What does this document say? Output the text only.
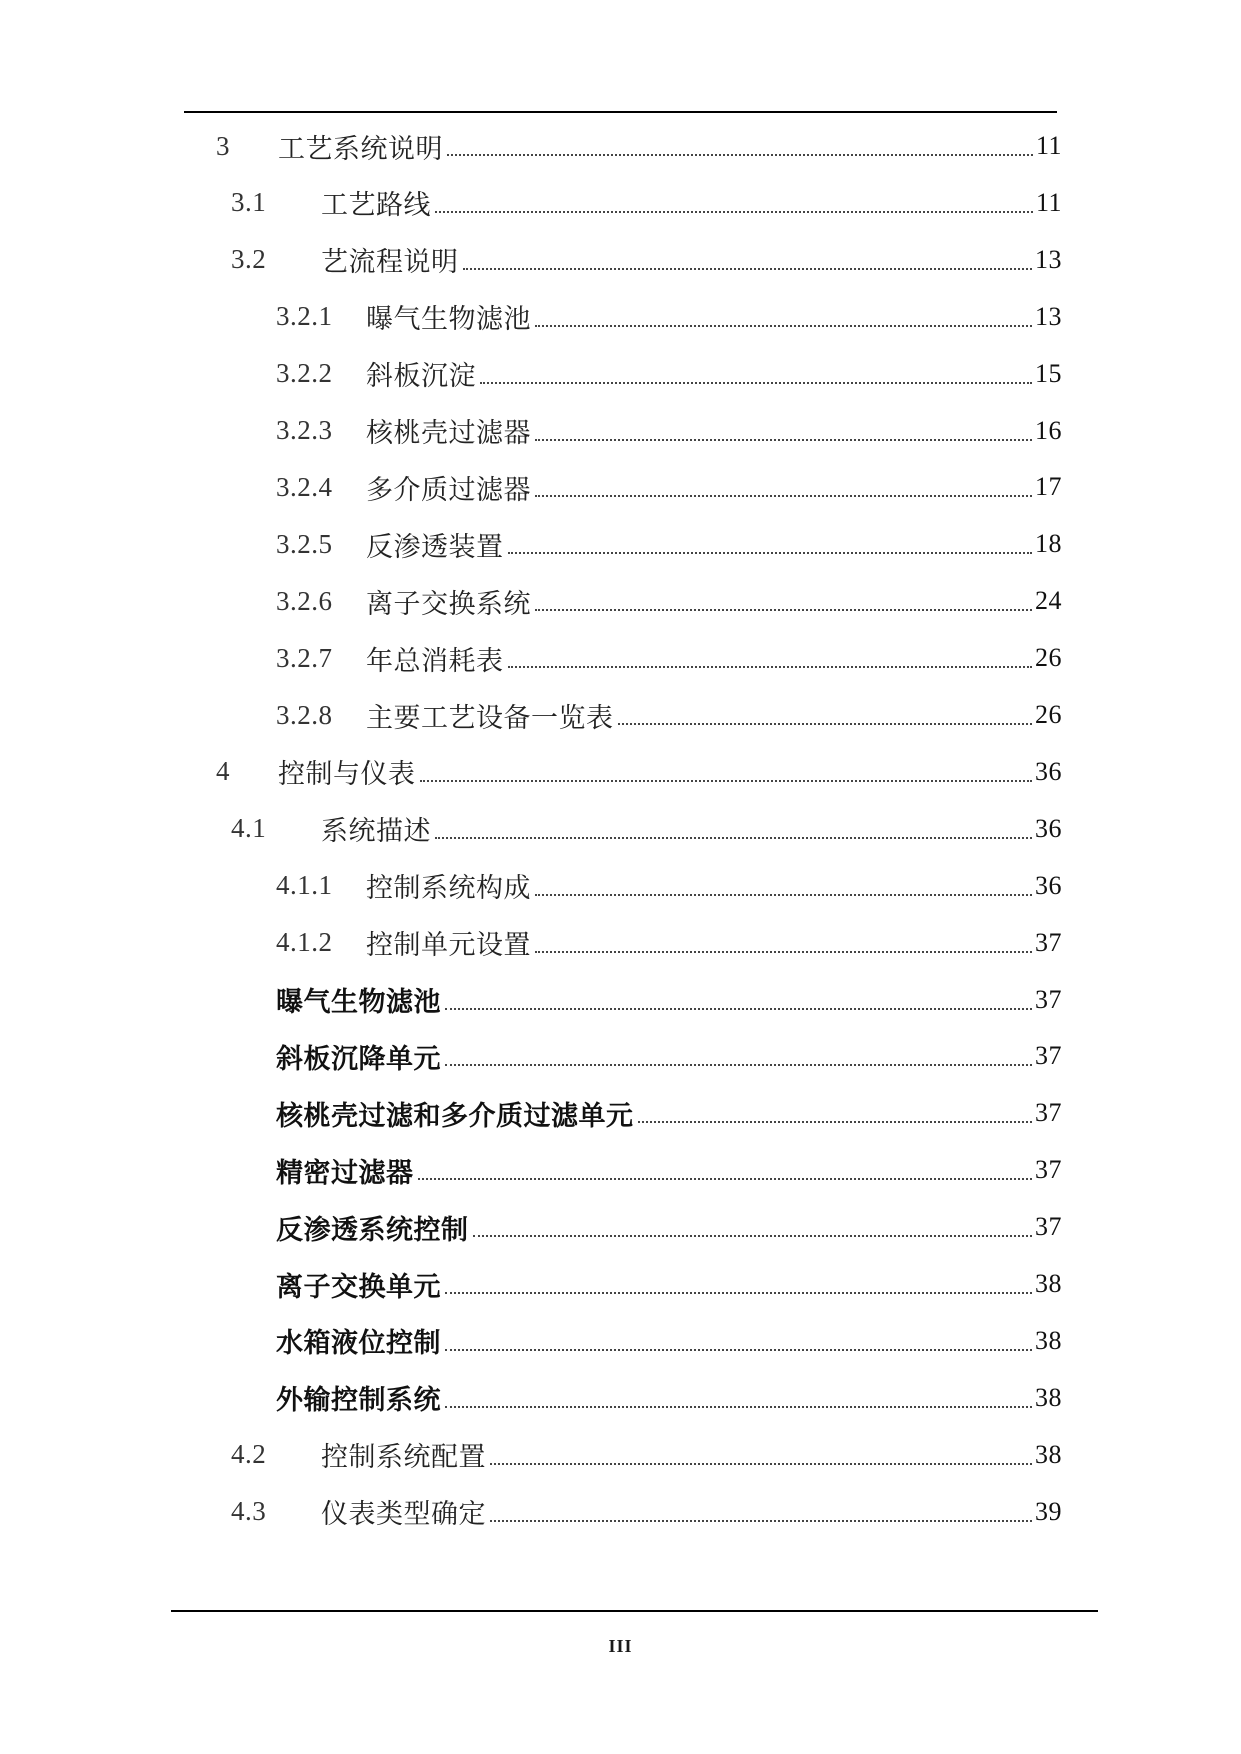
3	工艺系统说明	11
3.1	工艺路线	11
3.2	艺流程说明	13
3.2.1	曝气生物滤池	13
3.2.2	斜板沉淀	15
3.2.3	核桃壳过滤器	16
3.2.4	多介质过滤器	17
3.2.5	反渗透装置	18
3.2.6	离子交换系统	24
3.2.7	年总消耗表	26
3.2.8	主要工艺设备一览表	26
4	控制与仪表	36
4.1	系统描述	36
4.1.1	控制系统构成	36
4.1.2	控制单元设置	37
曝气生物滤池	37
斜板沉降单元	37
核桃壳过滤和多介质过滤单元	37
精密过滤器	37
反渗透系统控制	37
离子交换单元	38
水箱液位控制	38
外输控制系统	38
4.2	控制系统配置	38
4.3	仪表类型确定	39
III
